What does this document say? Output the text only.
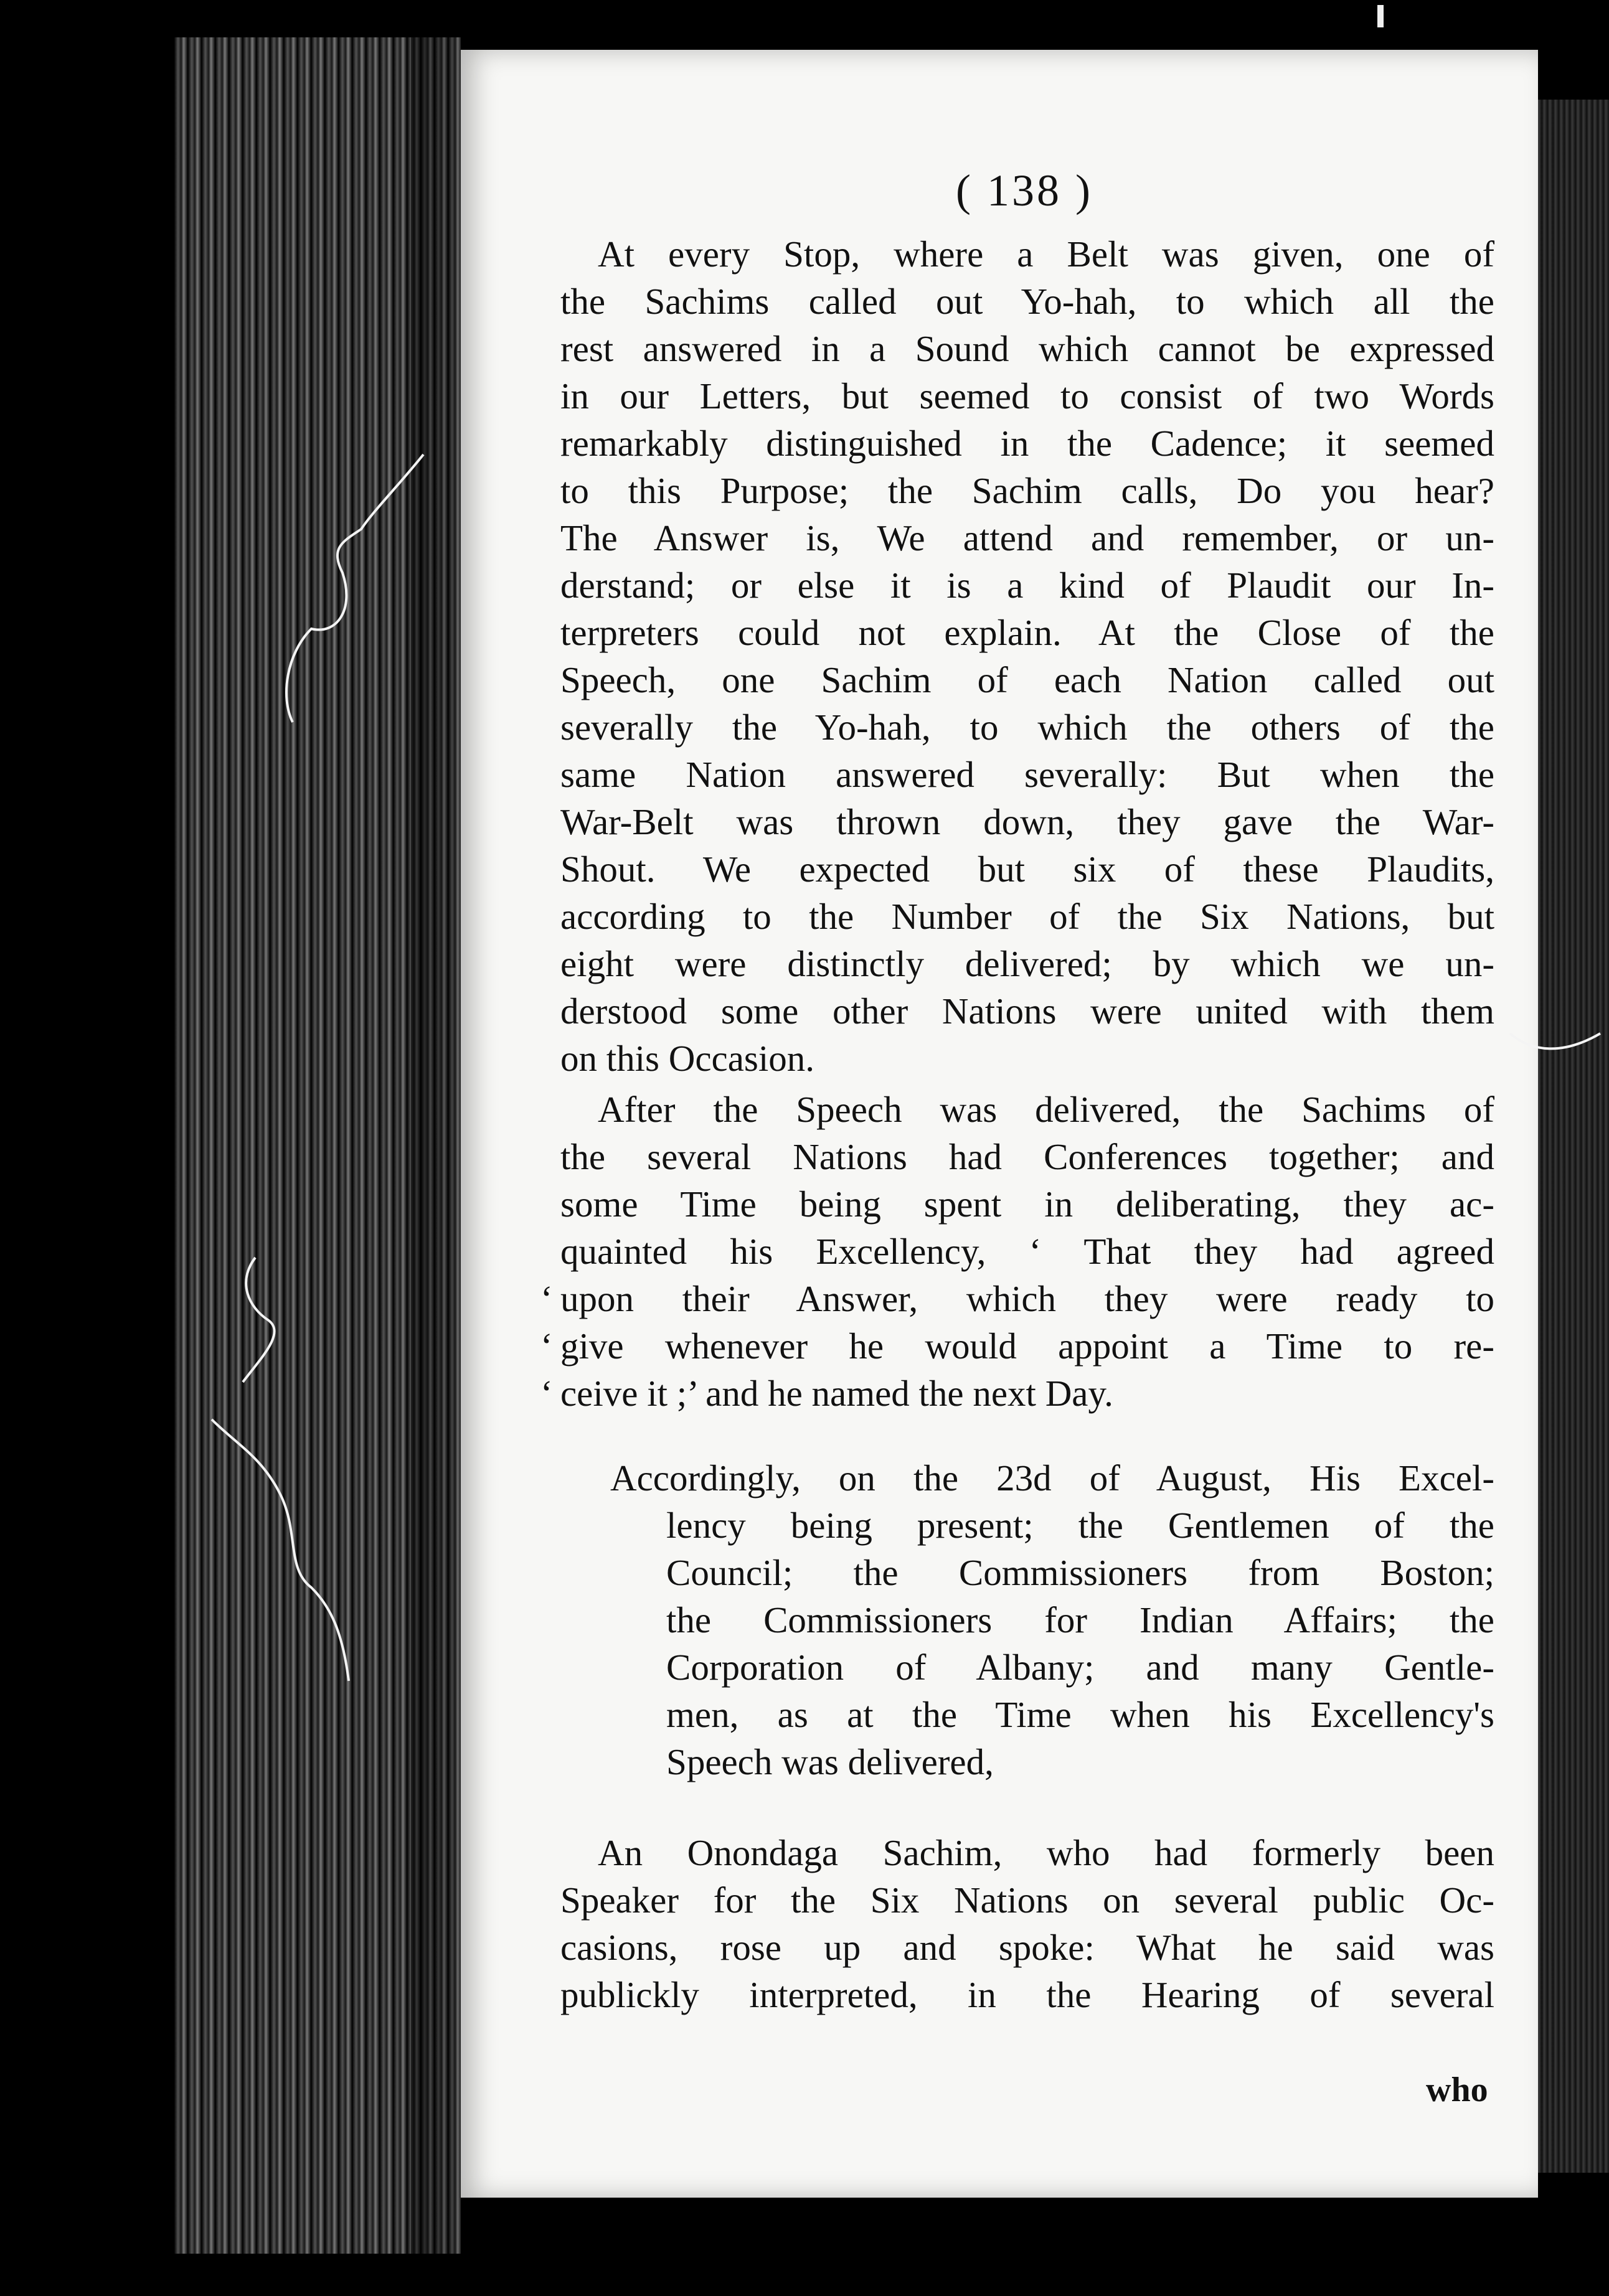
( 138 )
At every Stop, where a Belt was given, one of
the Sachims called out Yo-hah, to which all the
rest answered in a Sound which cannot be expressed
in our Letters, but seemed to consist of two Words
remarkably distinguished in the Cadence; it seemed
to this Purpose; the Sachim calls, Do you hear?
The Answer is, We attend and remember, or un-
derstand; or else it is a kind of Plaudit our In-
terpreters could not explain. At the Close of the
Speech, one Sachim of each Nation called out
severally the Yo-hah, to which the others of the
same Nation answered severally: But when the
War-Belt was thrown down, they gave the War-
Shout. We expected but six of these Plaudits,
according to the Number of the Six Nations, but
eight were distinctly delivered; by which we un-
derstood some other Nations were united with them
on this Occasion.
After the Speech was delivered, the Sachims of
the several Nations had Conferences together; and
some Time being spent in deliberating, they ac-
quainted his Excellency, ‘ That they had agreed
‘ upon their Answer, which they were ready to
‘ give whenever he would appoint a Time to re-
‘ ceive it ;’ and he named the next Day.
Accordingly, on the 23d of August, His Excel-
lency being present; the Gentlemen of the
Council; the Commissioners from Boston;
the Commissioners for Indian Affairs; the
Corporation of Albany; and many Gentle-
men, as at the Time when his Excellency's
Speech was delivered,
An Onondaga Sachim, who had formerly been
Speaker for the Six Nations on several public Oc-
casions, rose up and spoke: What he said was
publickly interpreted, in the Hearing of several
who
